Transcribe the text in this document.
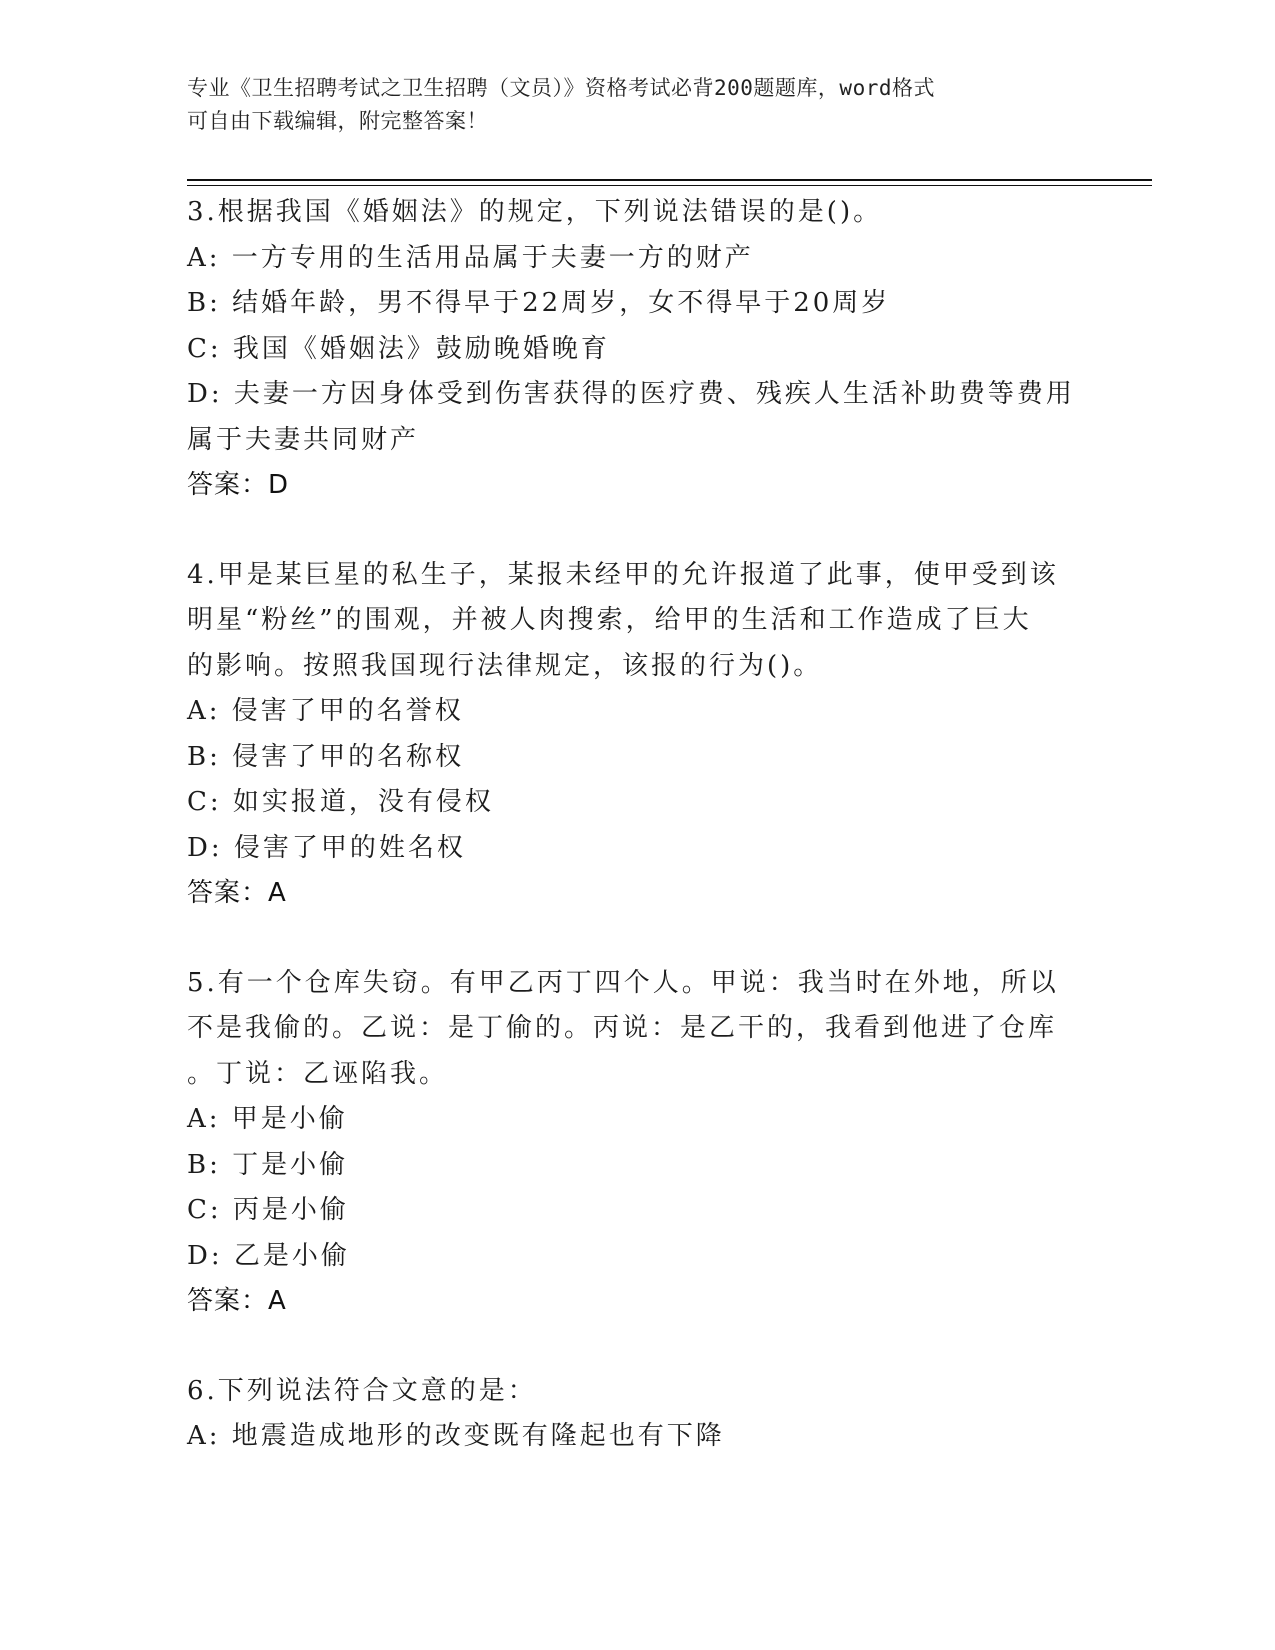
专业《卫生招聘考试之卫生招聘（文员）》资格考试必背200题题库，word格式
可自由下载编辑，附完整答案！
3.根据我国《婚姻法》的规定，下列说法错误的是()。
A: 一方专用的生活用品属于夫妻一方的财产
B: 结婚年龄，男不得早于22周岁，女不得早于20周岁
C: 我国《婚姻法》鼓励晚婚晚育
D: 夫妻一方因身体受到伤害获得的医疗费、残疾人生活补助费等费用
属于夫妻共同财产
答案：D
4.甲是某巨星的私生子，某报未经甲的允许报道了此事，使甲受到该
明星“粉丝”的围观，并被人肉搜索，给甲的生活和工作造成了巨大
的影响。按照我国现行法律规定，该报的行为()。
A: 侵害了甲的名誉权
B: 侵害了甲的名称权
C: 如实报道，没有侵权
D: 侵害了甲的姓名权
答案：A
5.有一个仓库失窃。有甲乙丙丁四个人。甲说：我当时在外地，所以
不是我偷的。乙说：是丁偷的。丙说：是乙干的，我看到他进了仓库
。丁说：乙诬陷我。
A: 甲是小偷
B: 丁是小偷
C: 丙是小偷
D: 乙是小偷
答案：A
6.下列说法符合文意的是：
A: 地震造成地形的改变既有隆起也有下降
